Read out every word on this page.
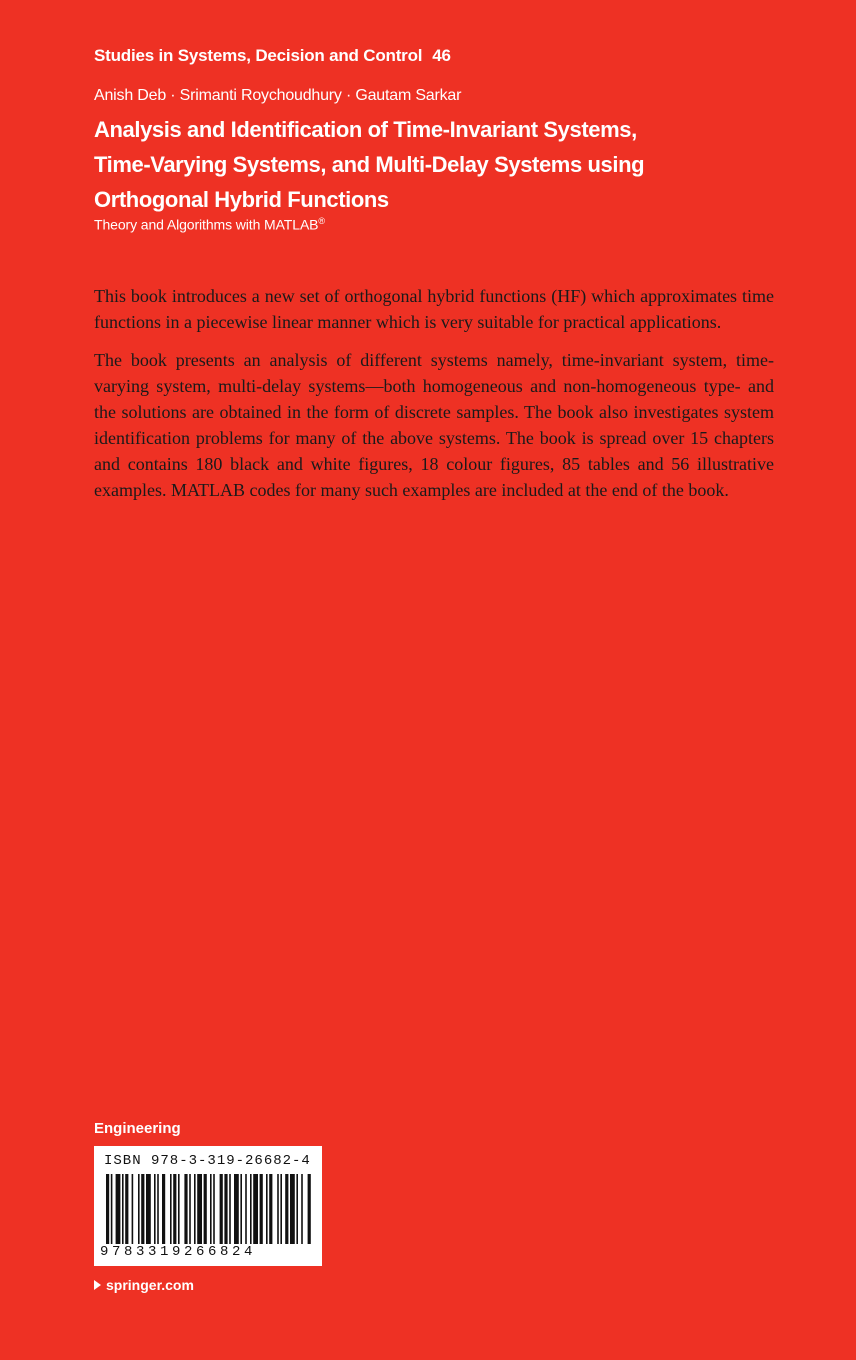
Studies in Systems, Decision and Control 46
Anish Deb · Srimanti Roychoudhury · Gautam Sarkar
Analysis and Identification of Time-Invariant Systems,
Time-Varying Systems, and Multi-Delay Systems using
Orthogonal Hybrid Functions
Theory and Algorithms with MATLAB®

This book introduces a new set of orthogonal hybrid functions (HF) which approximates time functions in a piecewise linear manner which is very suitable for practical applications.

The book presents an analysis of different systems namely, time-invariant system, time-varying system, multi-delay systems—both homogeneous and non-homogeneous type- and the solutions are obtained in the form of discrete samples. The book also investigates system identification problems for many of the above systems. The book is spread over 15 chapters and contains 180 black and white figures, 18 colour figures, 85 tables and 56 illustrative examples. MATLAB codes for many such examples are included at the end of the book.

Engineering
ISBN 978-3-319-26682-4
9783319266824
springer.com
